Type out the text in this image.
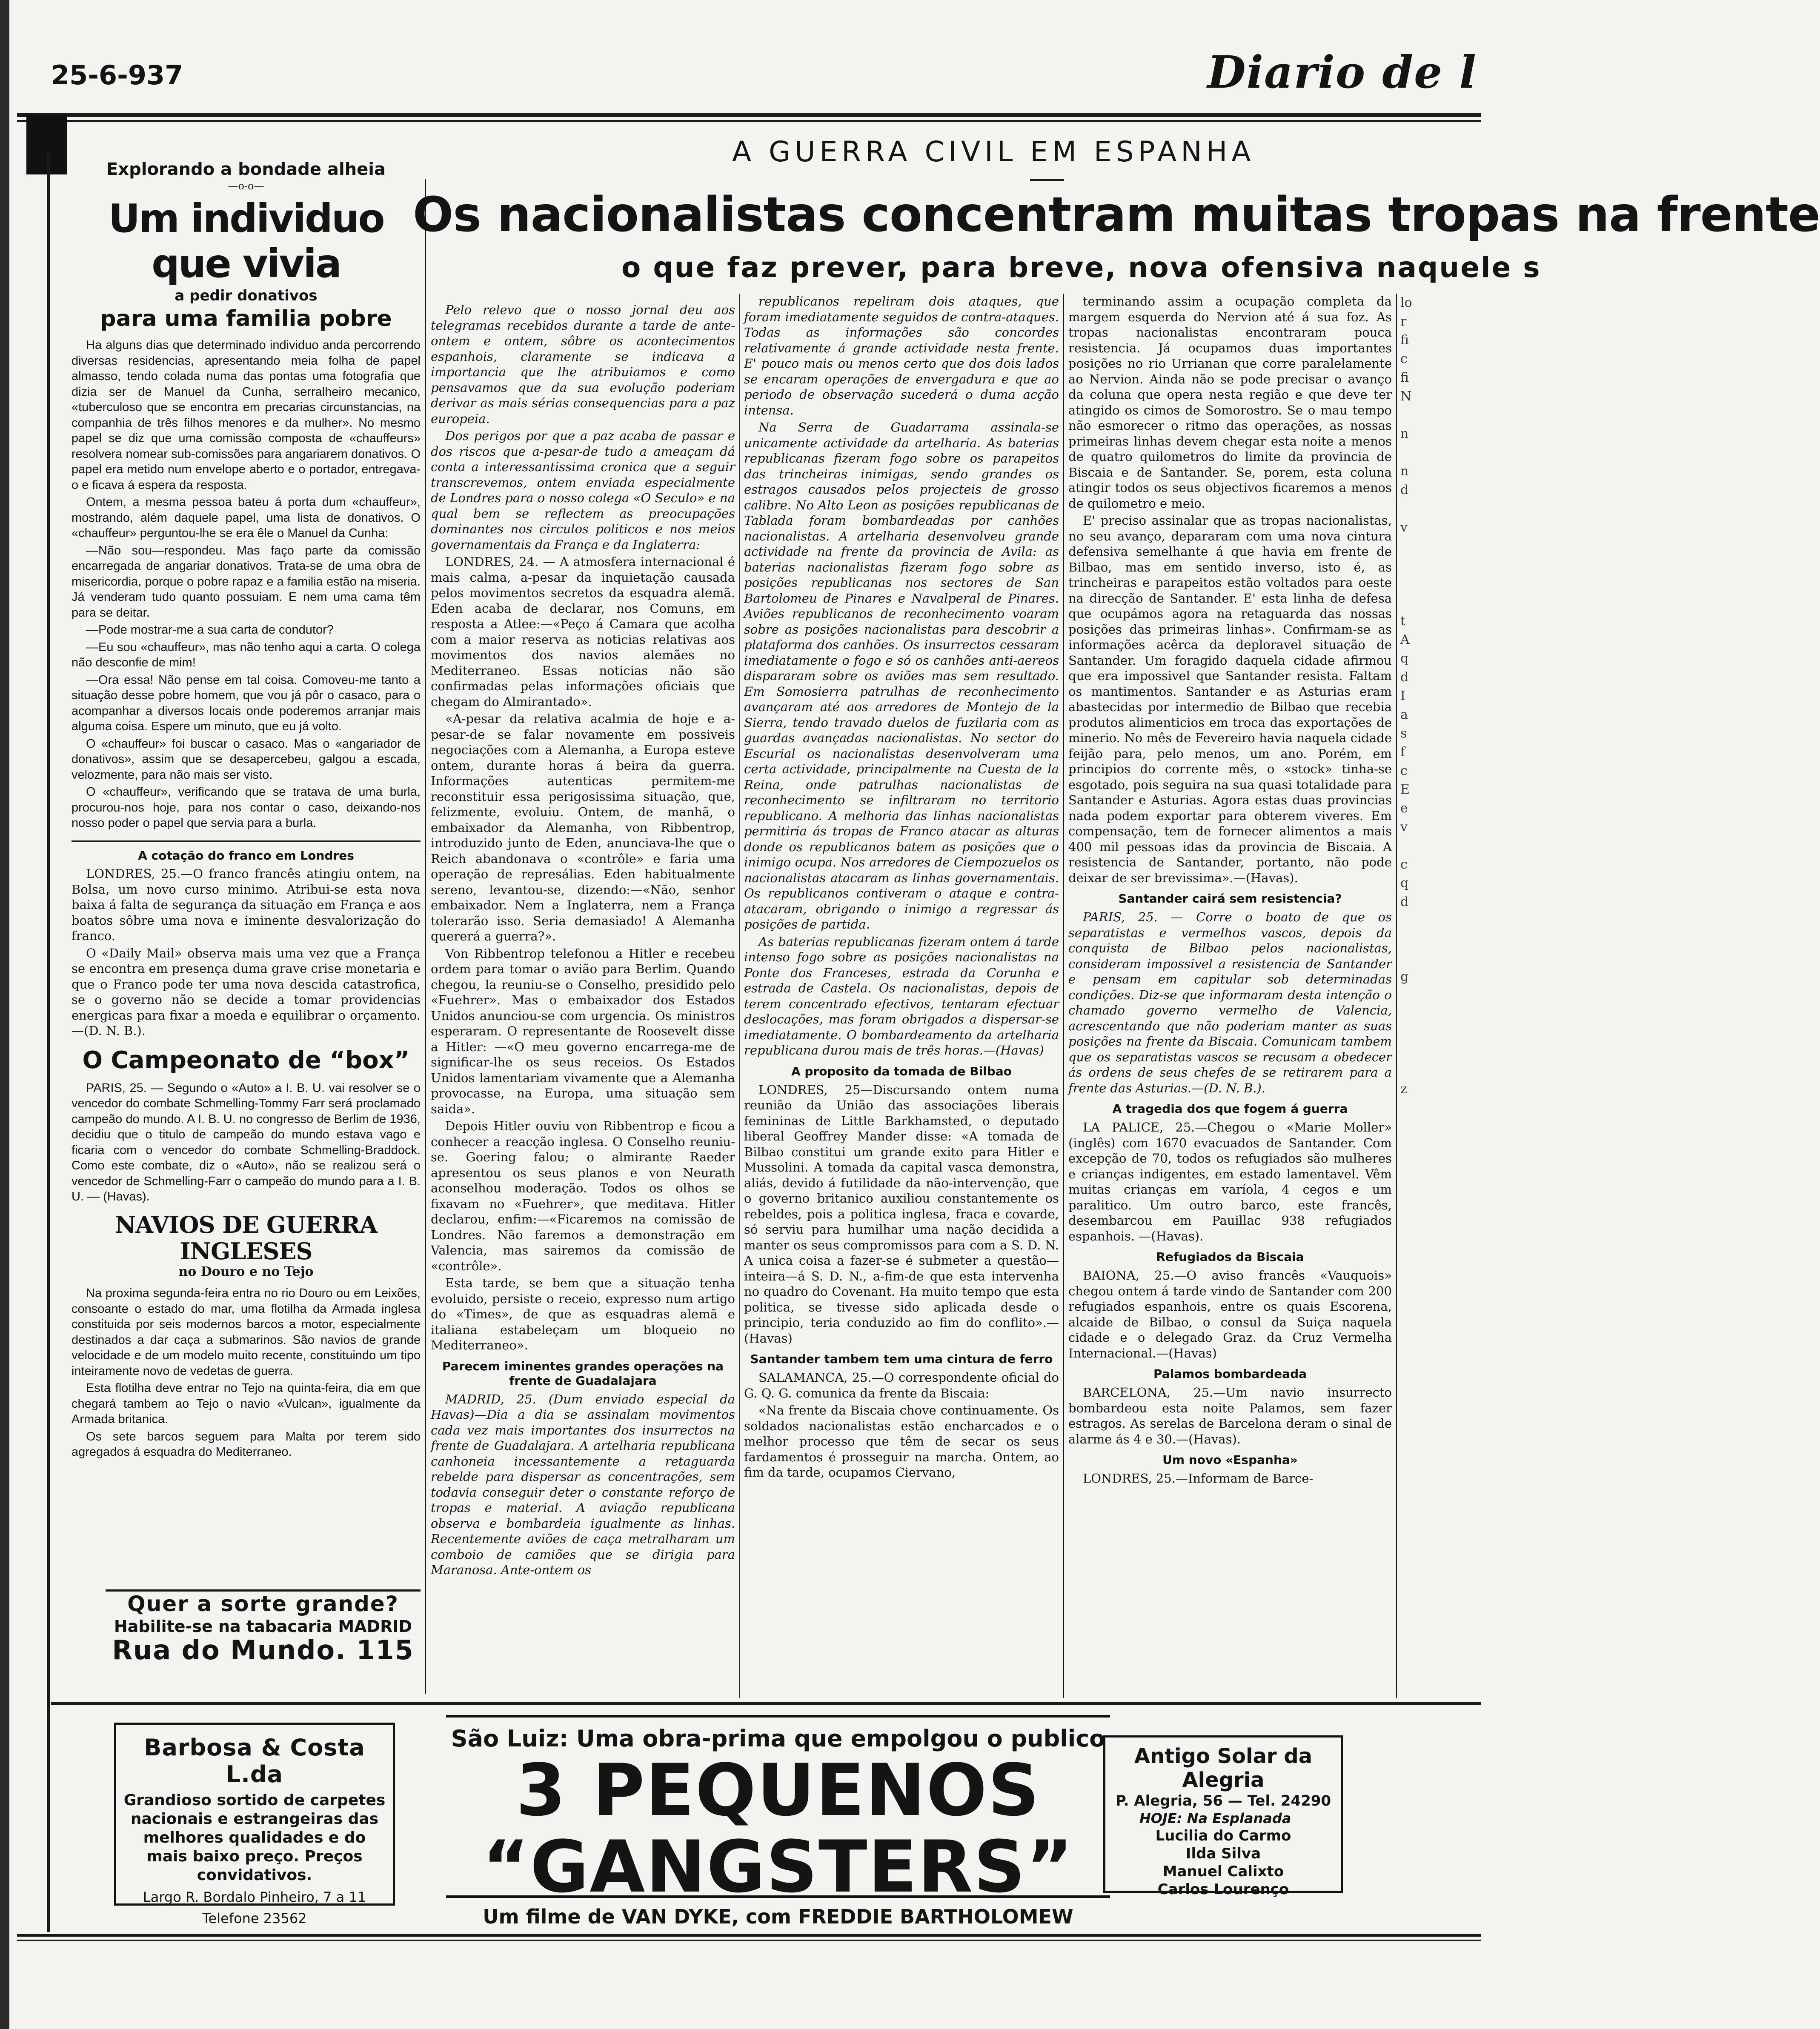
25-6-937	Diario de l
Explorando a bondade alheia
—o-o—
Um individuo que vivia
a pedir donativos
para uma familia pobre

Ha alguns dias que determinado individuo anda percorrendo diversas residencias, apresentando meia folha de papel almasso, tendo colada numa das pontas uma fotografia que dizia ser de Manuel da Cunha, serralheiro mecanico, «tuberculoso que se encontra em precarias circunstancias, na companhia de três filhos menores e da mulher». No mesmo papel se diz que uma comissão composta de «chauffeurs» resolvera nomear sub-comissões para angariarem donativos. O papel era metido num envelope aberto e o portador, entregava-o e ficava á espera da resposta.

Ontem, a mesma pessoa bateu á porta dum «chauffeur», mostrando, além daquele papel, uma lista de donativos. O «chauffeur» perguntou-lhe se era êle o Manuel da Cunha:

—Não sou—respondeu. Mas faço parte da comissão encarregada de angariar donativos. Trata-se de uma obra de misericordia, porque o pobre rapaz e a familia estão na miseria. Já venderam tudo quanto possuiam. E nem uma cama têm para se deitar.

—Pode mostrar-me a sua carta de condutor?

—Eu sou «chauffeur», mas não tenho aqui a carta. O colega não desconfie de mim!

—Ora essa! Não pense em tal coisa. Comoveu-me tanto a situação desse pobre homem, que vou já pôr o casaco, para o acompanhar a diversos locais onde poderemos arranjar mais alguma coisa. Espere um minuto, que eu já volto.

O «chauffeur» foi buscar o casaco. Mas o «angariador de donativos», assim que se desapercebeu, galgou a escada, velozmente, para não mais ser visto.

O «chauffeur», verificando que se tratava de uma burla, procurou-nos hoje, para nos contar o caso, deixando-nos nosso poder o papel que servia para a burla.

A cotação do franco em Londres

LONDRES, 25.—O franco francês atingiu ontem, na Bolsa, um novo curso minimo. Atribui-se esta nova baixa á falta de segurança da situação em França e aos boatos sôbre uma nova e iminente desvalorização do franco.

O «Daily Mail» observa mais uma vez que a França se encontra em presença duma grave crise monetaria e que o Franco pode ter uma nova descida catastrofica, se o governo não se decide a tomar providencias energicas para fixar a moeda e equilibrar o orçamento.—(D. N. B.).

O Campeonato de “box”

PARIS, 25. — Segundo o «Auto» a I. B. U. vai resolver se o vencedor do combate Schmelling-Tommy Farr será proclamado campeão do mundo. A I. B. U. no congresso de Berlim de 1936, decidiu que o titulo de campeão do mundo estava vago e ficaria com o vencedor do combate Schmelling-Braddock. Como este combate, diz o «Auto», não se realizou será o vencedor de Schmelling-Farr o campeão do mundo para a I. B. U. — (Havas).

NAVIOS DE GUERRA INGLESES
no Douro e no Tejo

Na proxima segunda-feira entra no rio Douro ou em Leixões, consoante o estado do mar, uma flotilha da Armada inglesa constituida por seis modernos barcos a motor, especialmente destinados a dar caça a submarinos. São navios de grande velocidade e de um modelo muito recente, constituindo um tipo inteiramente novo de vedetas de guerra.

Esta flotilha deve entrar no Tejo na quinta-feira, dia em que chegará tambem ao Tejo o navio «Vulcan», igualmente da Armada britanica.

Os sete barcos seguem para Malta por terem sido agregados á esquadra do Mediterraneo.

Quer a sorte grande?
Habilite-se na tabacaria MADRID
Rua do Mundo. 115
A GUERRA CIVIL EM ESPANHA
Os nacionalistas concentram muitas tropas na frente
o que faz prever, para breve, nova ofensiva naquele s

Pelo relevo que o nosso jornal deu aos telegramas recebidos durante a tarde de ante-ontem e ontem, sôbre os acontecimentos espanhois, claramente se indicava a importancia que lhe atribuiamos e como pensavamos que da sua evolução poderiam derivar as mais sérias consequencias para a paz europeia.

Dos perigos por que a paz acaba de passar e dos riscos que a-pesar-de tudo a ameaçam dá conta a interessantissima cronica que a seguir transcrevemos, ontem enviada especialmente de Londres para o nosso colega «O Seculo» e na qual bem se reflectem as preocupações dominantes nos circulos politicos e nos meios governamentais da França e da Inglaterra:

LONDRES, 24. — A atmosfera internacional é mais calma, a-pesar da inquietação causada pelos movimentos secretos da esquadra alemã. Eden acaba de declarar, nos Comuns, em resposta a Atlee:—«Peço á Camara que acolha com a maior reserva as noticias relativas aos movimentos dos navios alemães no Mediterraneo. Essas noticias não são confirmadas pelas informações oficiais que chegam do Almirantado».

«A-pesar da relativa acalmia de hoje e a-pesar-de se falar novamente em possiveis negociações com a Alemanha, a Europa esteve ontem, durante horas á beira da guerra. Informações autenticas permitem-me reconstituir essa perigosissima situação, que, felizmente, evoluiu. Ontem, de manhã, o embaixador da Alemanha, von Ribbentrop, introduzido junto de Eden, anunciava-lhe que o Reich abandonava o «contrôle» e faria uma operação de represálias. Eden habitualmente sereno, levantou-se, dizendo:—«Não, senhor embaixador. Nem a Inglaterra, nem a França tolerarão isso. Seria demasiado! A Alemanha quererá a guerra?».

Von Ribbentrop telefonou a Hitler e recebeu ordem para tomar o avião para Berlim. Quando chegou, la reuniu-se o Conselho, presidido pelo «Fuehrer». Mas o embaixador dos Estados Unidos anunciou-se com urgencia. Os ministros esperaram. O representante de Roosevelt disse a Hitler: —«O meu governo encarrega-me de significar-lhe os seus receios. Os Estados Unidos lamentariam vivamente que a Alemanha provocasse, na Europa, uma situação sem saida».

Depois Hitler ouviu von Ribbentrop e ficou a conhecer a reacção inglesa. O Conselho reuniu-se. Goering falou; o almirante Raeder apresentou os seus planos e von Neurath aconselhou moderação. Todos os olhos se fixavam no «Fuehrer», que meditava. Hitler declarou, enfim:—«Ficaremos na comissão de Londres. Não faremos a demonstração em Valencia, mas sairemos da comissão de «contrôle».

Esta tarde, se bem que a situação tenha evoluido, persiste o receio, expresso num artigo do «Times», de que as esquadras alemã e italiana estabeleçam um bloqueio no Mediterraneo».

Parecem iminentes grandes operações na frente de Guadalajara

MADRID, 25. (Dum enviado especial da Havas)—Dia a dia se assinalam movimentos cada vez mais importantes dos insurrectos na frente de Guadalajara. A artelharia republicana canhoneia incessantemente a retaguarda rebelde para dispersar as concentrações, sem todavia conseguir deter o constante reforço de tropas e material. A aviação republicana observa e bombardeia igualmente as linhas. Recentemente aviões de caça metralharam um comboio de camiões que se dirigia para Maranosa. Ante-ontem os

republicanos repeliram dois ataques, que foram imediatamente seguidos de contra-ataques. Todas as informações são concordes relativamente á grande actividade nesta frente. E' pouco mais ou menos certo que dos dois lados se encaram operações de envergadura e que ao periodo de observação sucederá o duma acção intensa.

Na Serra de Guadarrama assinala-se unicamente actividade da artelharia. As baterias republicanas fizeram fogo sobre os parapeitos das trincheiras inimigas, sendo grandes os estragos causados pelos projecteis de grosso calibre. No Alto Leon as posições republicanas de Tablada foram bombardeadas por canhões nacionalistas. A artelharia desenvolveu grande actividade na frente da provincia de Avila: as baterias nacionalistas fizeram fogo sobre as posições republicanas nos sectores de San Bartolomeu de Pinares e Navalperal de Pinares. Aviões republicanos de reconhecimento voaram sobre as posições nacionalistas para descobrir a plataforma dos canhões. Os insurrectos cessaram imediatamente o fogo e só os canhões anti-aereos dispararam sobre os aviões mas sem resultado. Em Somosierra patrulhas de reconhecimento avançaram até aos arredores de Montejo de la Sierra, tendo travado duelos de fuzilaria com as guardas avançadas nacionalistas. No sector do Escurial os nacionalistas desenvolveram uma certa actividade, principalmente na Cuesta de la Reina, onde patrulhas nacionalistas de reconhecimento se infiltraram no territorio republicano. A melhoria das linhas nacionalistas permitiria ás tropas de Franco atacar as alturas donde os republicanos batem as posições que o inimigo ocupa. Nos arredores de Ciempozuelos os nacionalistas atacaram as linhas governamentais. Os republicanos contiveram o ataque e contra-atacaram, obrigando o inimigo a regressar ás posições de partida.

As baterias republicanas fizeram ontem á tarde intenso fogo sobre as posições nacionalistas na Ponte dos Franceses, estrada da Corunha e estrada de Castela. Os nacionalistas, depois de terem concentrado efectivos, tentaram efectuar deslocações, mas foram obrigados a dispersar-se imediatamente. O bombardeamento da artelharia republicana durou mais de três horas.—(Havas)

A proposito da tomada de Bilbao

LONDRES, 25—Discursando ontem numa reunião da União das associações liberais femininas de Little Barkhamsted, o deputado liberal Geoffrey Mander disse: «A tomada de Bilbao constitui um grande exito para Hitler e Mussolini. A tomada da capital vasca demonstra, aliás, devido á futilidade da não-intervenção, que o governo britanico auxiliou constantemente os rebeldes, pois a politica inglesa, fraca e covarde, só serviu para humilhar uma nação decidida a manter os seus compromissos para com a S. D. N. A unica coisa a fazer-se é submeter a questão—inteira—á S. D. N., a-fim-de que esta intervenha no quadro do Covenant. Ha muito tempo que esta politica, se tivesse sido aplicada desde o principio, teria conduzido ao fim do conflito».—(Havas)

Santander tambem tem uma cintura de ferro

SALAMANCA, 25.—O correspondente oficial do G. Q. G. comunica da frente da Biscaia:

«Na frente da Biscaia chove continuamente. Os soldados nacionalistas estão encharcados e o melhor processo que têm de secar os seus fardamentos é prosseguir na marcha. Ontem, ao fim da tarde, ocupamos Ciervano,

terminando assim a ocupação completa da margem esquerda do Nervion até á sua foz. As tropas nacionalistas encontraram pouca resistencia. Já ocupamos duas importantes posições no rio Urrianan que corre paralelamente ao Nervion. Ainda não se pode precisar o avanço da coluna que opera nesta região e que deve ter atingido os cimos de Somorostro. Se o mau tempo não esmorecer o ritmo das operações, as nossas primeiras linhas devem chegar esta noite a menos de quatro quilometros do limite da provincia de Biscaia e de Santander. Se, porem, esta coluna atingir todos os seus objectivos ficaremos a menos de quilometro e meio.

E' preciso assinalar que as tropas nacionalistas, no seu avanço, depararam com uma nova cintura defensiva semelhante á que havia em frente de Bilbao, mas em sentido inverso, isto é, as trincheiras e parapeitos estão voltados para oeste na direcção de Santander. E' esta linha de defesa que ocupámos agora na retaguarda das nossas posições das primeiras linhas». Confirmam-se as informações acêrca da deploravel situação de Santander. Um foragido daquela cidade afirmou que era impossivel que Santander resista. Faltam os mantimentos. Santander e as Asturias eram abastecidas por intermedio de Bilbao que recebia produtos alimenticios em troca das exportações de minerio. No mês de Fevereiro havia naquela cidade feijão para, pelo menos, um ano. Porém, em principios do corrente mês, o «stock» tinha-se esgotado, pois seguira na sua quasi totalidade para Santander e Asturias. Agora estas duas provincias nada podem exportar para obterem viveres. Em compensação, tem de fornecer alimentos a mais 400 mil pessoas idas da provincia de Biscaia. A resistencia de Santander, portanto, não pode deixar de ser brevissima».—(Havas).

Santander cairá sem resistencia?

PARIS, 25. — Corre o boato de que os separatistas e vermelhos vascos, depois da conquista de Bilbao pelos nacionalistas, consideram impossivel a resistencia de Santander e pensam em capitular sob determinadas condições. Diz-se que informaram desta intenção o chamado governo vermelho de Valencia, acrescentando que não poderiam manter as suas posições na frente da Biscaia. Comunicam tambem que os separatistas vascos se recusam a obedecer ás ordens de seus chefes de se retirarem para a frente das Asturias.—(D. N. B.).

A tragedia dos que fogem á guerra

LA PALICE, 25.—Chegou o «Marie Moller» (inglês) com 1670 evacuados de Santander. Com excepção de 70, todos os refugiados são mulheres e crianças indigentes, em estado lamentavel. Vêm muitas crianças em varíola, 4 cegos e um paralitico. Um outro barco, este francês, desembarcou em Pauillac 938 refugiados espanhois. —(Havas).

Refugiados da Biscaia

BAIONA, 25.—O aviso francês «Vauquois» chegou ontem á tarde vindo de Santander com 200 refugiados espanhois, entre os quais Escorena, alcaide de Bilbao, o consul da Suiça naquela cidade e o delegado Graz. da Cruz Vermelha Internacional.—(Havas)

Palamos bombardeada

BARCELONA, 25.—Um navio insurrecto bombardeou esta noite Palamos, sem fazer estragos. As serelas de Barcelona deram o sinal de alarme ás 4 e 30.—(Havas).

Um novo «Espanha»

LONDRES, 25.—Informam de Barce-

lo
r
fi
c
fi
N

n

n
d

v

t
A
q
d
I
a
s
f
c
E
e
v

c
q
d

g

z
Barbosa & Costa L.da
Grandioso sortido de carpetes nacionais e estrangeiras das melhores qualidades e do mais baixo preço. Preços convidativos.
Largo R. Bordalo Pinheiro, 7 a 11
Telefone 23562
São Luiz: Uma obra-prima que empolgou o publico
3 PEQUENOS “GANGSTERS”
Um filme de VAN DYKE, com FREDDIE BARTHOLOMEW
Antigo Solar da Alegria
P. Alegria, 56 — Tel. 24290
HOJE: Na Esplanada
Lucilia do Carmo
Ilda Silva
Manuel Calixto
Carlos Lourenço
